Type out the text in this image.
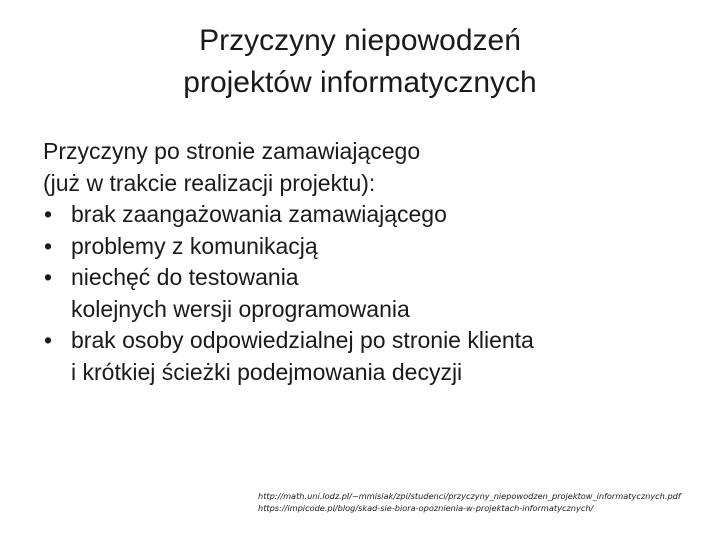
Przyczyny niepowodzeń
projektów informatycznych
Przyczyny po stronie zamawiającego
(już w trakcie realizacji projektu):
• brak zaangażowania zamawiającego
• problemy z komunikacją
• niechęć do testowania
kolejnych wersji oprogramowania
• brak osoby odpowiedzialnej po stronie klienta
i krótkiej ścieżki podejmowania decyzji
http://math.uni.lodz.pl/~mmisiak/zpi/studenci/przyczyny_niepowodzen_projektow_informatycznych.pdf
https://impicode.pl/blog/skad-sie-biora-opoznienia-w-projektach-informatycznych/
